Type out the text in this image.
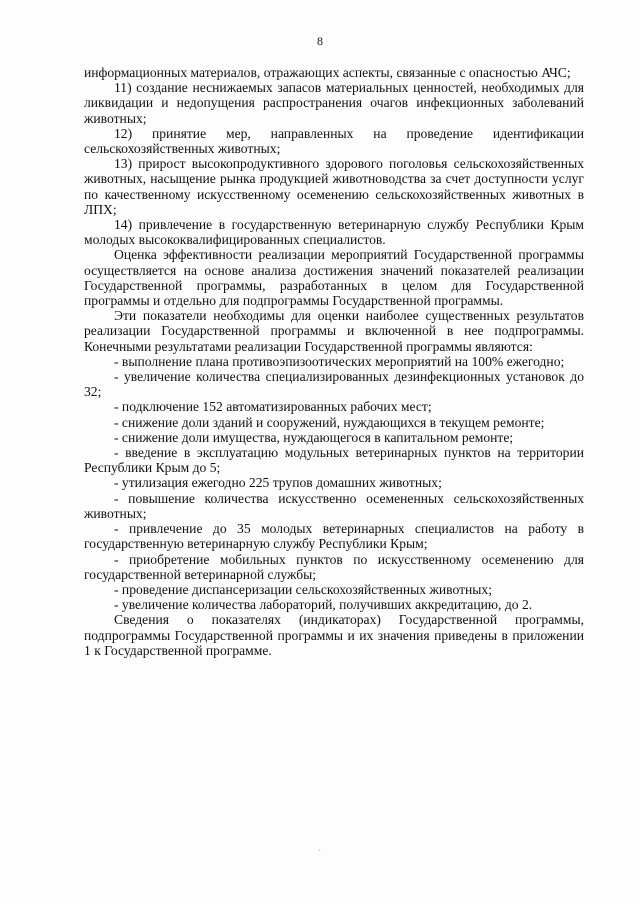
8

информационных материалов, отражающих аспекты, связанные с опасностью АЧС;

11) создание неснижаемых запасов материальных ценностей, необходимых для ликвидации и недопущения распространения очагов инфекционных заболеваний животных;

12) принятие мер, направленных на проведение идентификации сельскохозяйственных животных;

13) прирост высокопродуктивного здорового поголовья сельскохозяйственных животных, насыщение рынка продукцией животноводства за счет доступности услуг по качественному искусственному осеменению сельскохозяйственных животных в ЛПХ;

14) привлечение в государственную ветеринарную службу Республики Крым молодых высококвалифицированных специалистов.

Оценка эффективности реализации мероприятий Государственной программы осуществляется на основе анализа достижения значений показателей реализации Государственной программы, разработанных в целом для Государственной программы и отдельно для подпрограммы Государственной программы.

Эти показатели необходимы для оценки наиболее существенных результатов реализации Государственной программы и включенной в нее подпрограммы. Конечными результатами реализации Государственной программы являются:

- выполнение плана противоэпизоотических мероприятий на 100% ежегодно;

- увеличение количества специализированных дезинфекционных установок до 32;

- подключение 152 автоматизированных рабочих мест;

- снижение доли зданий и сооружений, нуждающихся в текущем ремонте;

- снижение доли имущества, нуждающегося в капитальном ремонте;

- введение в эксплуатацию модульных ветеринарных пунктов на территории Республики Крым до 5;

- утилизация ежегодно 225 трупов домашних животных;

- повышение количества искусственно осемененных сельскохозяйственных животных;

- привлечение до 35 молодых ветеринарных специалистов на работу в государственную ветеринарную службу Республики Крым;

- приобретение мобильных пунктов по искусственному осеменению для государственной ветеринарной службы;

- проведение диспансеризации сельскохозяйственных животных;

- увеличение количества лабораторий, получивших аккредитацию, до 2.

Сведения о показателях (индикаторах) Государственной программы, подпрограммы Государственной программы и их значения приведены в приложении 1 к Государственной программе.

´
